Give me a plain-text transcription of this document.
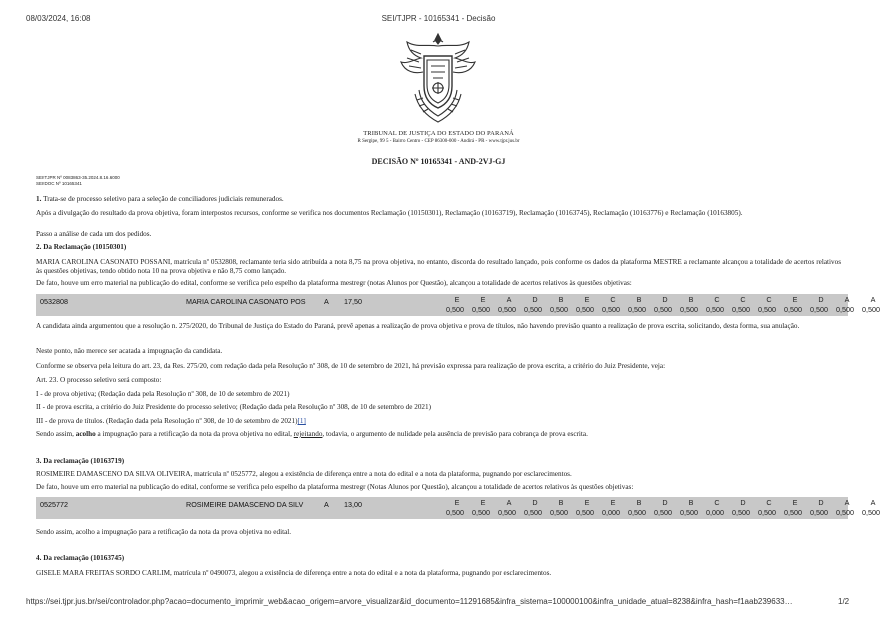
08/03/2024, 16:08	SEI/TJPR - 10165341 - Decisão
TRIBUNAL DE JUSTIÇA DO ESTADO DO PARANÁ
R Sergipe, 99 5 - Bairro Centro - CEP 86300-000 - Andirá - PR - www.tjpr.jus.br
DECISÃO Nº 10165341 - AND-2VJ-GJ
SEI!TJPR Nº 0083863-35.2024.8.16.6000
SEI!DOC Nº 10165341
1. Trata-se de processo seletivo para a seleção de conciliadores judiciais remunerados.
Após a divulgação do resultado da prova objetiva, foram interpostos recursos, conforme se verifica nos documentos Reclamação (10150301), Reclamação (10163719), Reclamação (10163745), Reclamação (10163776) e Reclamação (10163805).
Passo a análise de cada um dos pedidos.
2. Da Reclamação (10150301)
MARIA CAROLINA CASONATO POSSANI, matrícula nº 0532808, reclamante teria sido atribuída a nota 8,75 na prova objetiva, no entanto, discorda do resultado lançado, pois conforme os dados da plataforma MESTRE a reclamante alcançou a totalidade de acertos relativos às questões objetivas, tendo obtido nota 10 na prova objetiva e não 8,75 como lançado.
De fato, houve um erro material na publicação do edital, conforme se verifica pelo espelho da plataforma mestregr (notas Alunos por Questão), alcançou a totalidade de acertos relativos às questões objetivas:
0532808	MARIA CAROLINA CASONATO POS	A 17,50	E	E	A	D	B	E	C	B	D	B	C	C	C	E	D	A	A
0,500 0,500 0,500 0,500 0,500 0,500 0,500 0,500 0,500 0,500 0,500 0,500 0,500 0,500 0,500 0,500 0,500
A candidata ainda argumentou que a resolução n. 275/2020, do Tribunal de Justiça do Estado do Paraná, prevê apenas a realização de prova objetiva e prova de títulos, não havendo previsão quanto a realização de prova escrita, solicitando, desta forma, sua anulação.
Neste ponto, não merece ser acatada a impugnação da candidata.
Conforme se observa pela leitura do art. 23, da Res. 275/20, com redação dada pela Resolução nº 308, de 10 de setembro de 2021, há previsão expressa para realização de prova escrita, a critério do Juiz Presidente, veja:
Art. 23. O processo seletivo será composto:
I - de prova objetiva; (Redação dada pela Resolução nº 308, de 10 de setembro de 2021)
II - de prova escrita, a critério do Juiz Presidente do processo seletivo; (Redação dada pela Resolução nº 308, de 10 de setembro de 2021)
III - de prova de títulos. (Redação dada pela Resolução nº 308, de 10 de setembro de 2021)[1]
Sendo assim, acolho a impugnação para a retificação da nota da prova objetiva no edital, rejeitando, todavia, o argumento de nulidade pela ausência de previsão para cobrança de prova escrita.
3. Da reclamação (10163719)
ROSIMEIRE DAMASCENO DA SILVA OLIVEIRA, matrícula nº 0525772, alegou a existência de diferença entre a nota do edital e a nota da plataforma, pugnando por esclarecimentos.
De fato, houve um erro material na publicação do edital, conforme se verifica pelo espelho da plataforma mestregr (Notas Alunos por Questão), alcançou a totalidade de acertos relativos às questões objetivas:
0525772	ROSIMEIRE DAMASCENO DA SILV	A 13,00	E	E	A	D	B	E	E	B	D	B	C	D	C	E	D	A	A
0,500 0,500 0,500 0,500 0,500 0,500 0,000 0,500 0,500 0,500 0,000 0,500 0,500 0,500 0,500 0,500 0,500
Sendo assim, acolho a impugnação para a retificação da nota da prova objetiva no edital.
4. Da reclamação (10163745)
GISELE MARA FREITAS SORDO CARLIM, matrícula nº 0490073, alegou a existência de diferença entre a nota do edital e a nota da plataforma, pugnando por esclarecimentos.
https://sei.tjpr.jus.br/sei/controlador.php?acao=documento_imprimir_web&acao_origem=arvore_visualizar&id_documento=11291685&infra_sistema=100000100&infra_unidade_atual=8238&infra_hash=f1aab239633…	1/2
